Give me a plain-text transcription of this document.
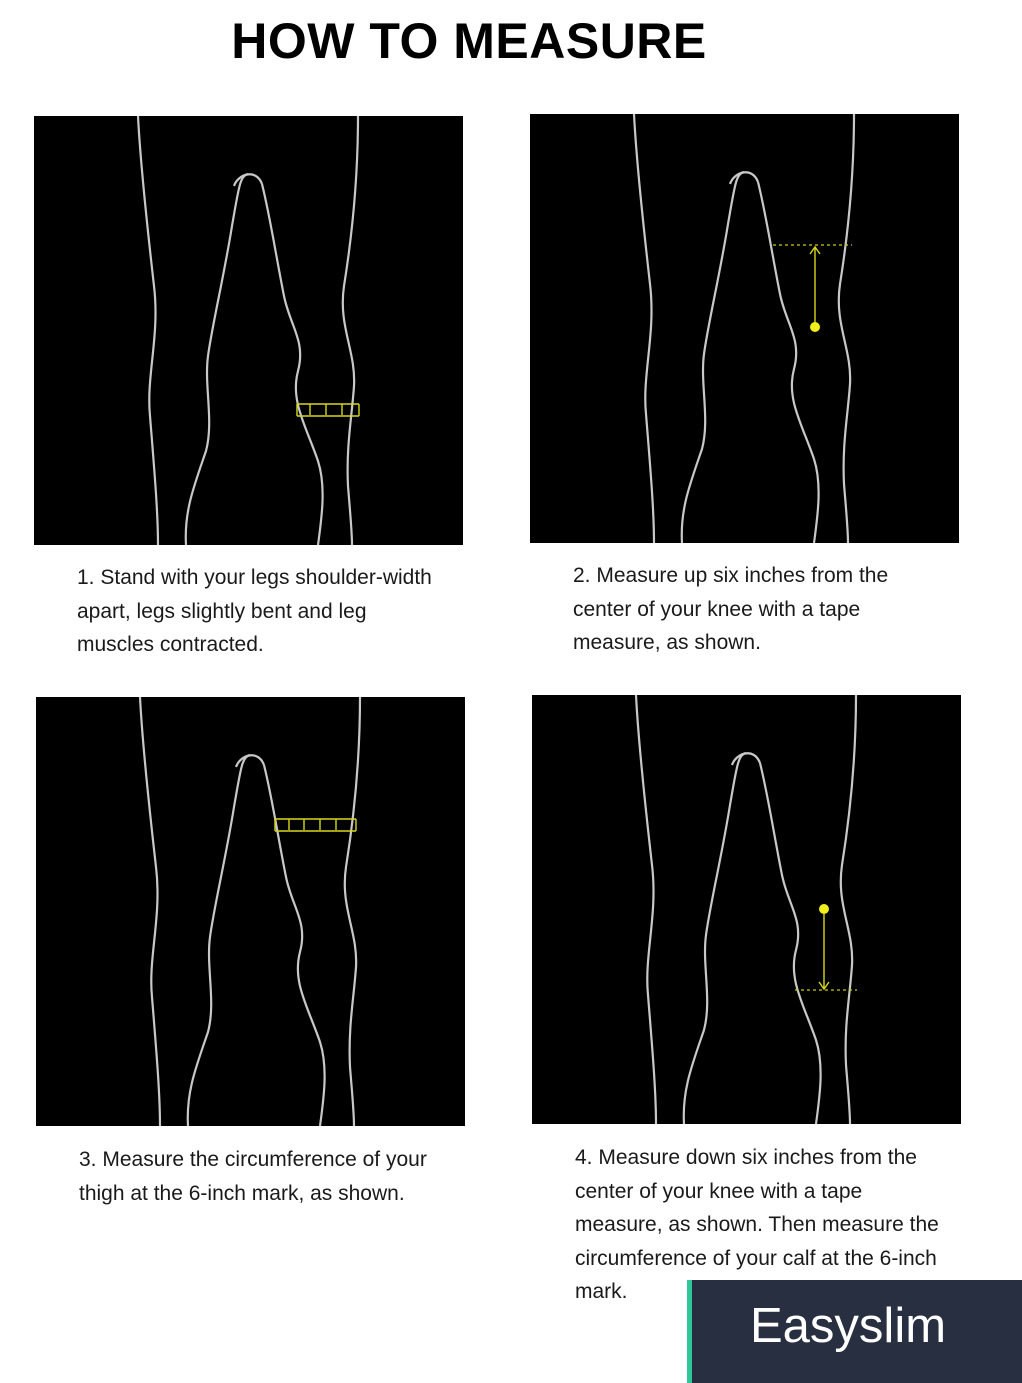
HOW TO MEASURE

1. Stand with your legs shoulder-width apart, legs slightly bent and leg muscles contracted.

2. Measure up six inches from the center of your knee with a tape measure, as shown.

3. Measure the circumference of your thigh at the 6-inch mark, as shown.

4. Measure down six inches from the center of your knee with a tape measure, as shown. Then measure the circumference of your calf at the 6-inch mark.

Easyslim
